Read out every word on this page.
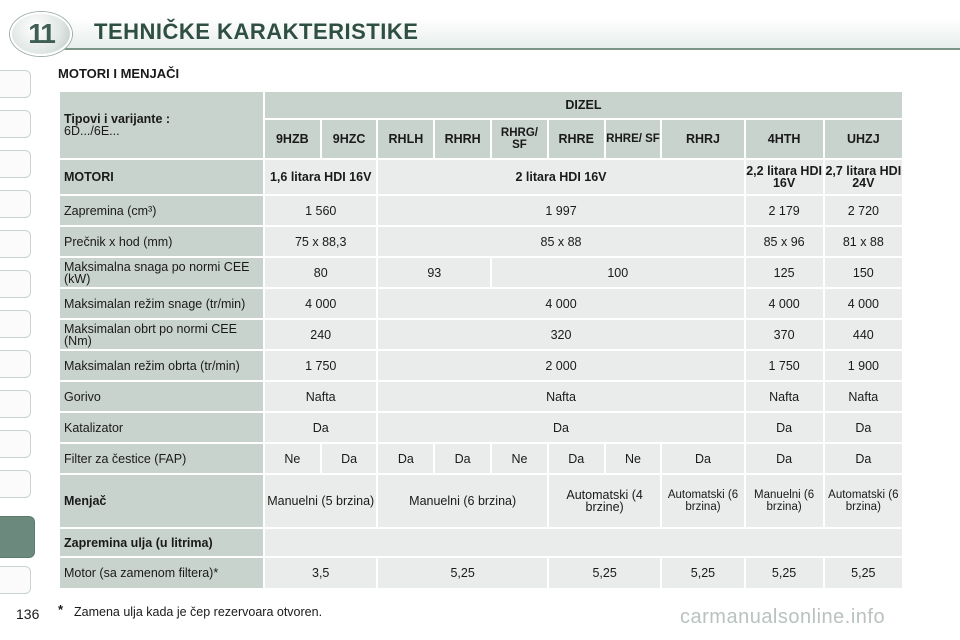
11	TEHNIČKE KARAKTERISTIKE
MOTORI I MENJAČI
Tipovi i varijante :
6D.../6E...	DIZEL									
	9HZB	9HZC	RHLH	RHRH	RHRG/ SF	RHRE	RHRE/ SF	RHRJ	4HTH	UHZJ
MOTORI	1,6 litara HDI 16V		2 litara HDI 16V						2,2 litara HDI 16V	2,7 litara HDI 24V
Zapremina (cm³)	1 560		1 997						2 179	2 720
Prečnik x hod (mm)	75 x 88,3		85 x 88						85 x 96	81 x 88
Maksimalna snaga po normi CEE (kW)	80		93		100				125	150
Maksimalan režim snage (tr/min)	4 000		4 000						4 000	4 000
Maksimalan obrt po normi CEE (Nm)	240		320						370	440
Maksimalan režim obrta (tr/min)	1 750		2 000						1 750	1 900
Gorivo	Nafta		Nafta						Nafta	Nafta
Katalizator	Da		Da						Da	Da
Filter za čestice (FAP)	Ne	Da	Da	Da	Ne	Da	Ne	Da	Da	Da
Menjač	Manuelni (5 brzina)		Manuelni (6 brzina)			Automatski (4 brzine)		Automatski (6 brzina)	Manuelni (6 brzina)	Automatski (6 brzina)
Zapremina ulja (u litrima)										
Motor (sa zamenom filtera)*	3,5		5,25			5,25		5,25	5,25	5,25
136 * Zamena ulja kada je čep rezervoara otvoren.	carmanualsonline.info
